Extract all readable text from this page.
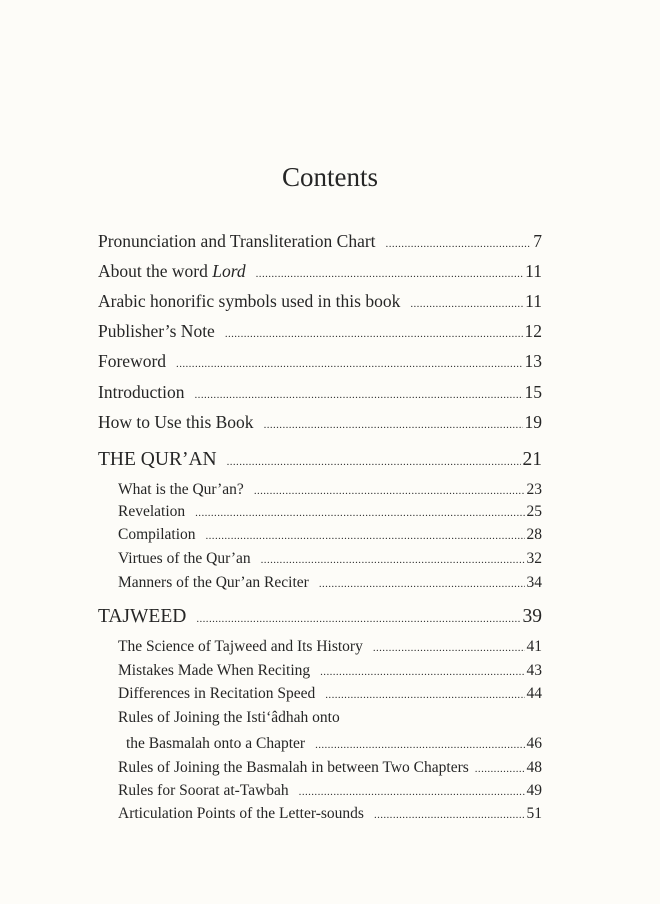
Contents
Pronunciation and Transliteration Chart .....	7
About the word Lord .....	11
Arabic honorific symbols used in this book .....	11
Publisher’s Note .....	12
Foreword .....	13
Introduction .....	15
How to Use this Book .....	19
THE QUR’AN .....	21
What is the Qur’an? .....	23
Revelation .....	25
Compilation .....	28
Virtues of the Qur’an .....	32
Manners of the Qur’an Reciter .....	34
TAJWEED .....	39
The Science of Tajweed and Its History .....	41
Mistakes Made When Reciting .....	43
Differences in Recitation Speed .....	44
Rules of Joining the Isti‘âdhah onto
the Basmalah onto a Chapter .....	46
Rules of Joining the Basmalah in between Two Chapters .....	48
Rules for Soorat at-Tawbah .....	49
Articulation Points of the Letter-sounds .....	51
